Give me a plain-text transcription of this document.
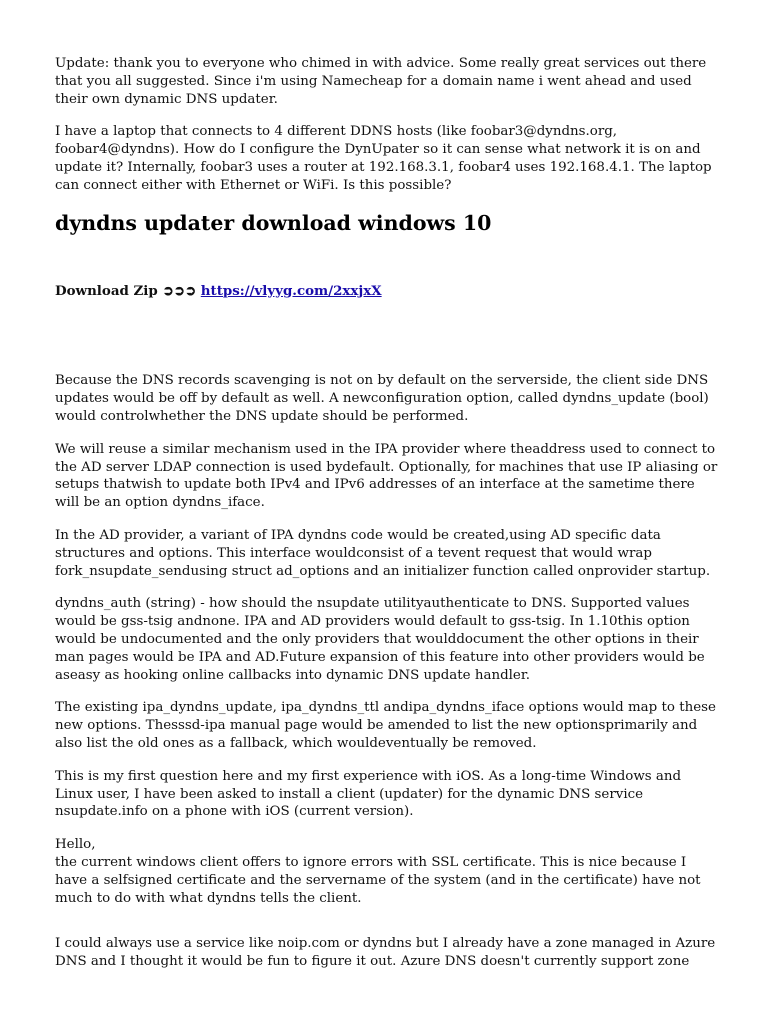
Update: thank you to everyone who chimed in with advice. Some really great services out there that you all suggested. Since i'm using Namecheap for a domain name i went ahead and used their own dynamic DNS updater.

I have a laptop that connects to 4 different DDNS hosts (like foobar3@dyndns.org, foobar4@dyndns). How do I configure the DynUpater so it can sense what network it is on and update it? Internally, foobar3 uses a router at 192.168.3.1, foobar4 uses 192.168.4.1. The laptop can connect either with Ethernet or WiFi. Is this possible?

dyndns updater download windows 10

Download Zip ➲➲➲ https://vlyyg.com/2xxjxX

Because the DNS records scavenging is not on by default on the serverside, the client side DNS updates would be off by default as well. A newconfiguration option, called dyndns_update (bool) would controlwhether the DNS update should be performed.

We will reuse a similar mechanism used in the IPA provider where theaddress used to connect to the AD server LDAP connection is used bydefault. Optionally, for machines that use IP aliasing or setups thatwish to update both IPv4 and IPv6 addresses of an interface at the sametime there will be an option dyndns_iface.

In the AD provider, a variant of IPA dyndns code would be created,using AD specific data structures and options. This interface wouldconsist of a tevent request that would wrap fork_nsupdate_sendusing struct ad_options and an initializer function called onprovider startup.

dyndns_auth (string) - how should the nsupdate utilityauthenticate to DNS. Supported values would be gss-tsig andnone. IPA and AD providers would default to gss-tsig. In 1.10this option would be undocumented and the only providers that woulddocument the other options in their man pages would be IPA and AD.Future expansion of this feature into other providers would be aseasy as hooking online callbacks into dynamic DNS update handler.

The existing ipa_dyndns_update, ipa_dyndns_ttl andipa_dyndns_iface options would map to these new options. Thesssd-ipa manual page would be amended to list the new optionsprimarily and also list the old ones as a fallback, which wouldeventually be removed.

This is my first question here and my first experience with iOS. As a long-time Windows and Linux user, I have been asked to install a client (updater) for the dynamic DNS service nsupdate.info on a phone with iOS (current version).

Hello,
the current windows client offers to ignore errors with SSL certificate. This is nice because I have a selfsigned certificate and the servername of the system (and in the certificate) have not much to do with what dyndns tells the client.

I could always use a service like noip.com or dyndns but I already have a zone managed in Azure DNS and I thought it would be fun to figure it out. Azure DNS doesn't currently support zone
